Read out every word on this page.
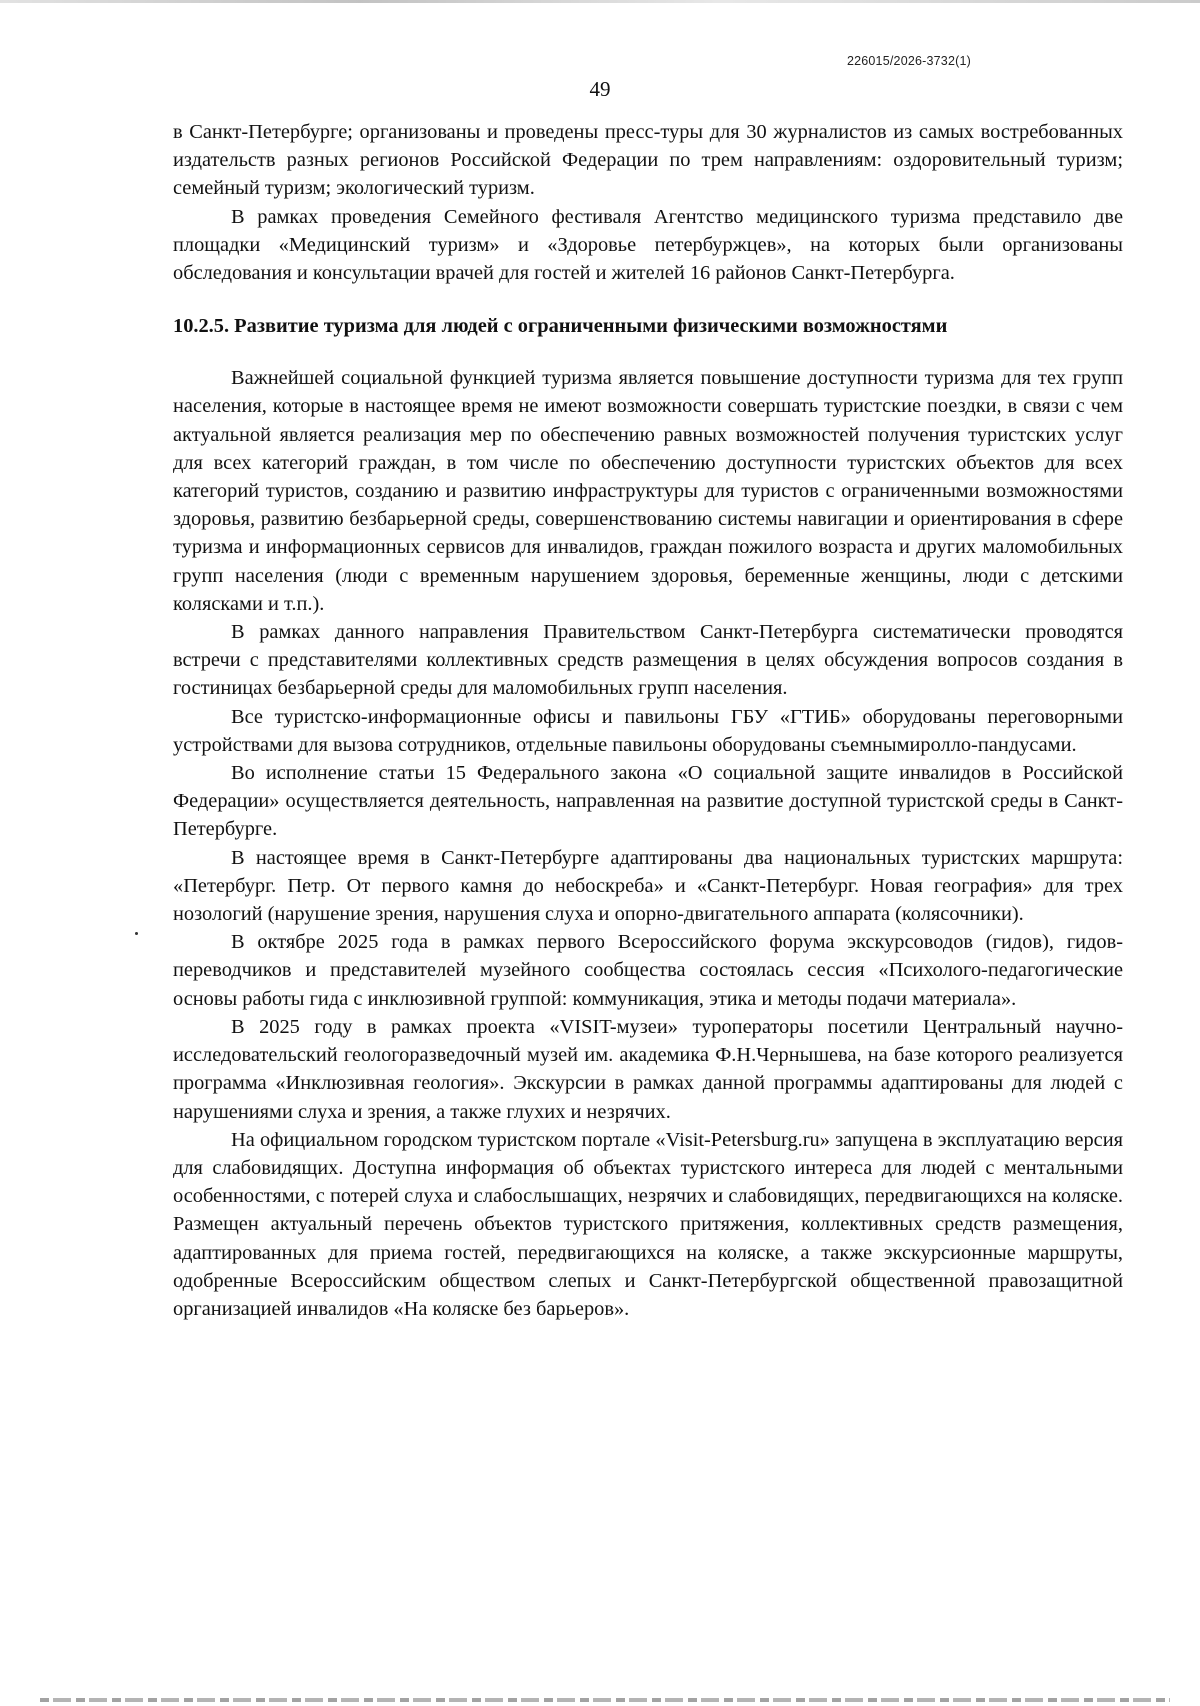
226015/2026-3732(1)
49

в Санкт-Петербурге; организованы и проведены пресс-туры для 30 журналистов из самых востребованных издательств разных регионов Российской Федерации по трем направлениям: оздоровительный туризм; семейный туризм; экологический туризм.

В рамках проведения Семейного фестиваля Агентство медицинского туризма представило две площадки «Медицинский туризм» и «Здоровье петербуржцев», на которых были организованы обследования и консультации врачей для гостей и жителей 16 районов Санкт-Петербурга.

10.2.5. Развитие туризма для людей с ограниченными физическими возможностями

Важнейшей социальной функцией туризма является повышение доступности туризма для тех групп населения, которые в настоящее время не имеют возможности совершать туристские поездки, в связи с чем актуальной является реализация мер по обеспечению равных возможностей получения туристских услуг для всех категорий граждан, в том числе по обеспечению доступности туристских объектов для всех категорий туристов, созданию и развитию инфраструктуры для туристов с ограниченными возможностями здоровья, развитию безбарьерной среды, совершенствованию системы навигации и ориентирования в сфере туризма и информационных сервисов для инвалидов, граждан пожилого возраста и других маломобильных групп населения (люди с временным нарушением здоровья, беременные женщины, люди с детскими колясками и т.п.).

В рамках данного направления Правительством Санкт-Петербурга систематически проводятся встречи с представителями коллективных средств размещения в целях обсуждения вопросов создания в гостиницах безбарьерной среды для маломобильных групп населения.

Все туристско-информационные офисы и павильоны ГБУ «ГТИБ» оборудованы переговорными устройствами для вызова сотрудников, отдельные павильоны оборудованы съемнымиролло-пандусами.

Во исполнение статьи 15 Федерального закона «О социальной защите инвалидов в Российской Федерации» осуществляется деятельность, направленная на развитие доступной туристской среды в Санкт-Петербурге.

В настоящее время в Санкт-Петербурге адаптированы два национальных туристских маршрута: «Петербург. Петр. От первого камня до небоскреба» и «Санкт-Петербург. Новая география» для трех нозологий (нарушение зрения, нарушения слуха и опорно-двигательного аппарата (колясочники).

В октябре 2025 года в рамках первого Всероссийского форума экскурсоводов (гидов), гидов-переводчиков и представителей музейного сообщества состоялась сессия «Психолого-педагогические основы работы гида с инклюзивной группой: коммуникация, этика и методы подачи материала».

В 2025 году в рамках проекта «VISIT-музеи» туроператоры посетили Центральный научно-исследовательский геологоразведочный музей им. академика Ф.Н.Чернышева, на базе которого реализуется программа «Инклюзивная геология». Экскурсии в рамках данной программы адаптированы для людей с нарушениями слуха и зрения, а также глухих и незрячих.

На официальном городском туристском портале «Visit-Petersburg.ru» запущена в эксплуатацию версия для слабовидящих. Доступна информация об объектах туристского интереса для людей с ментальными особенностями, с потерей слуха и слабослышащих, незрячих и слабовидящих, передвигающихся на коляске. Размещен актуальный перечень объектов туристского притяжения, коллективных средств размещения, адаптированных для приема гостей, передвигающихся на коляске, а также экскурсионные маршруты, одобренные Всероссийским обществом слепых и Санкт-Петербургской общественной правозащитной организацией инвалидов «На коляске без барьеров».
